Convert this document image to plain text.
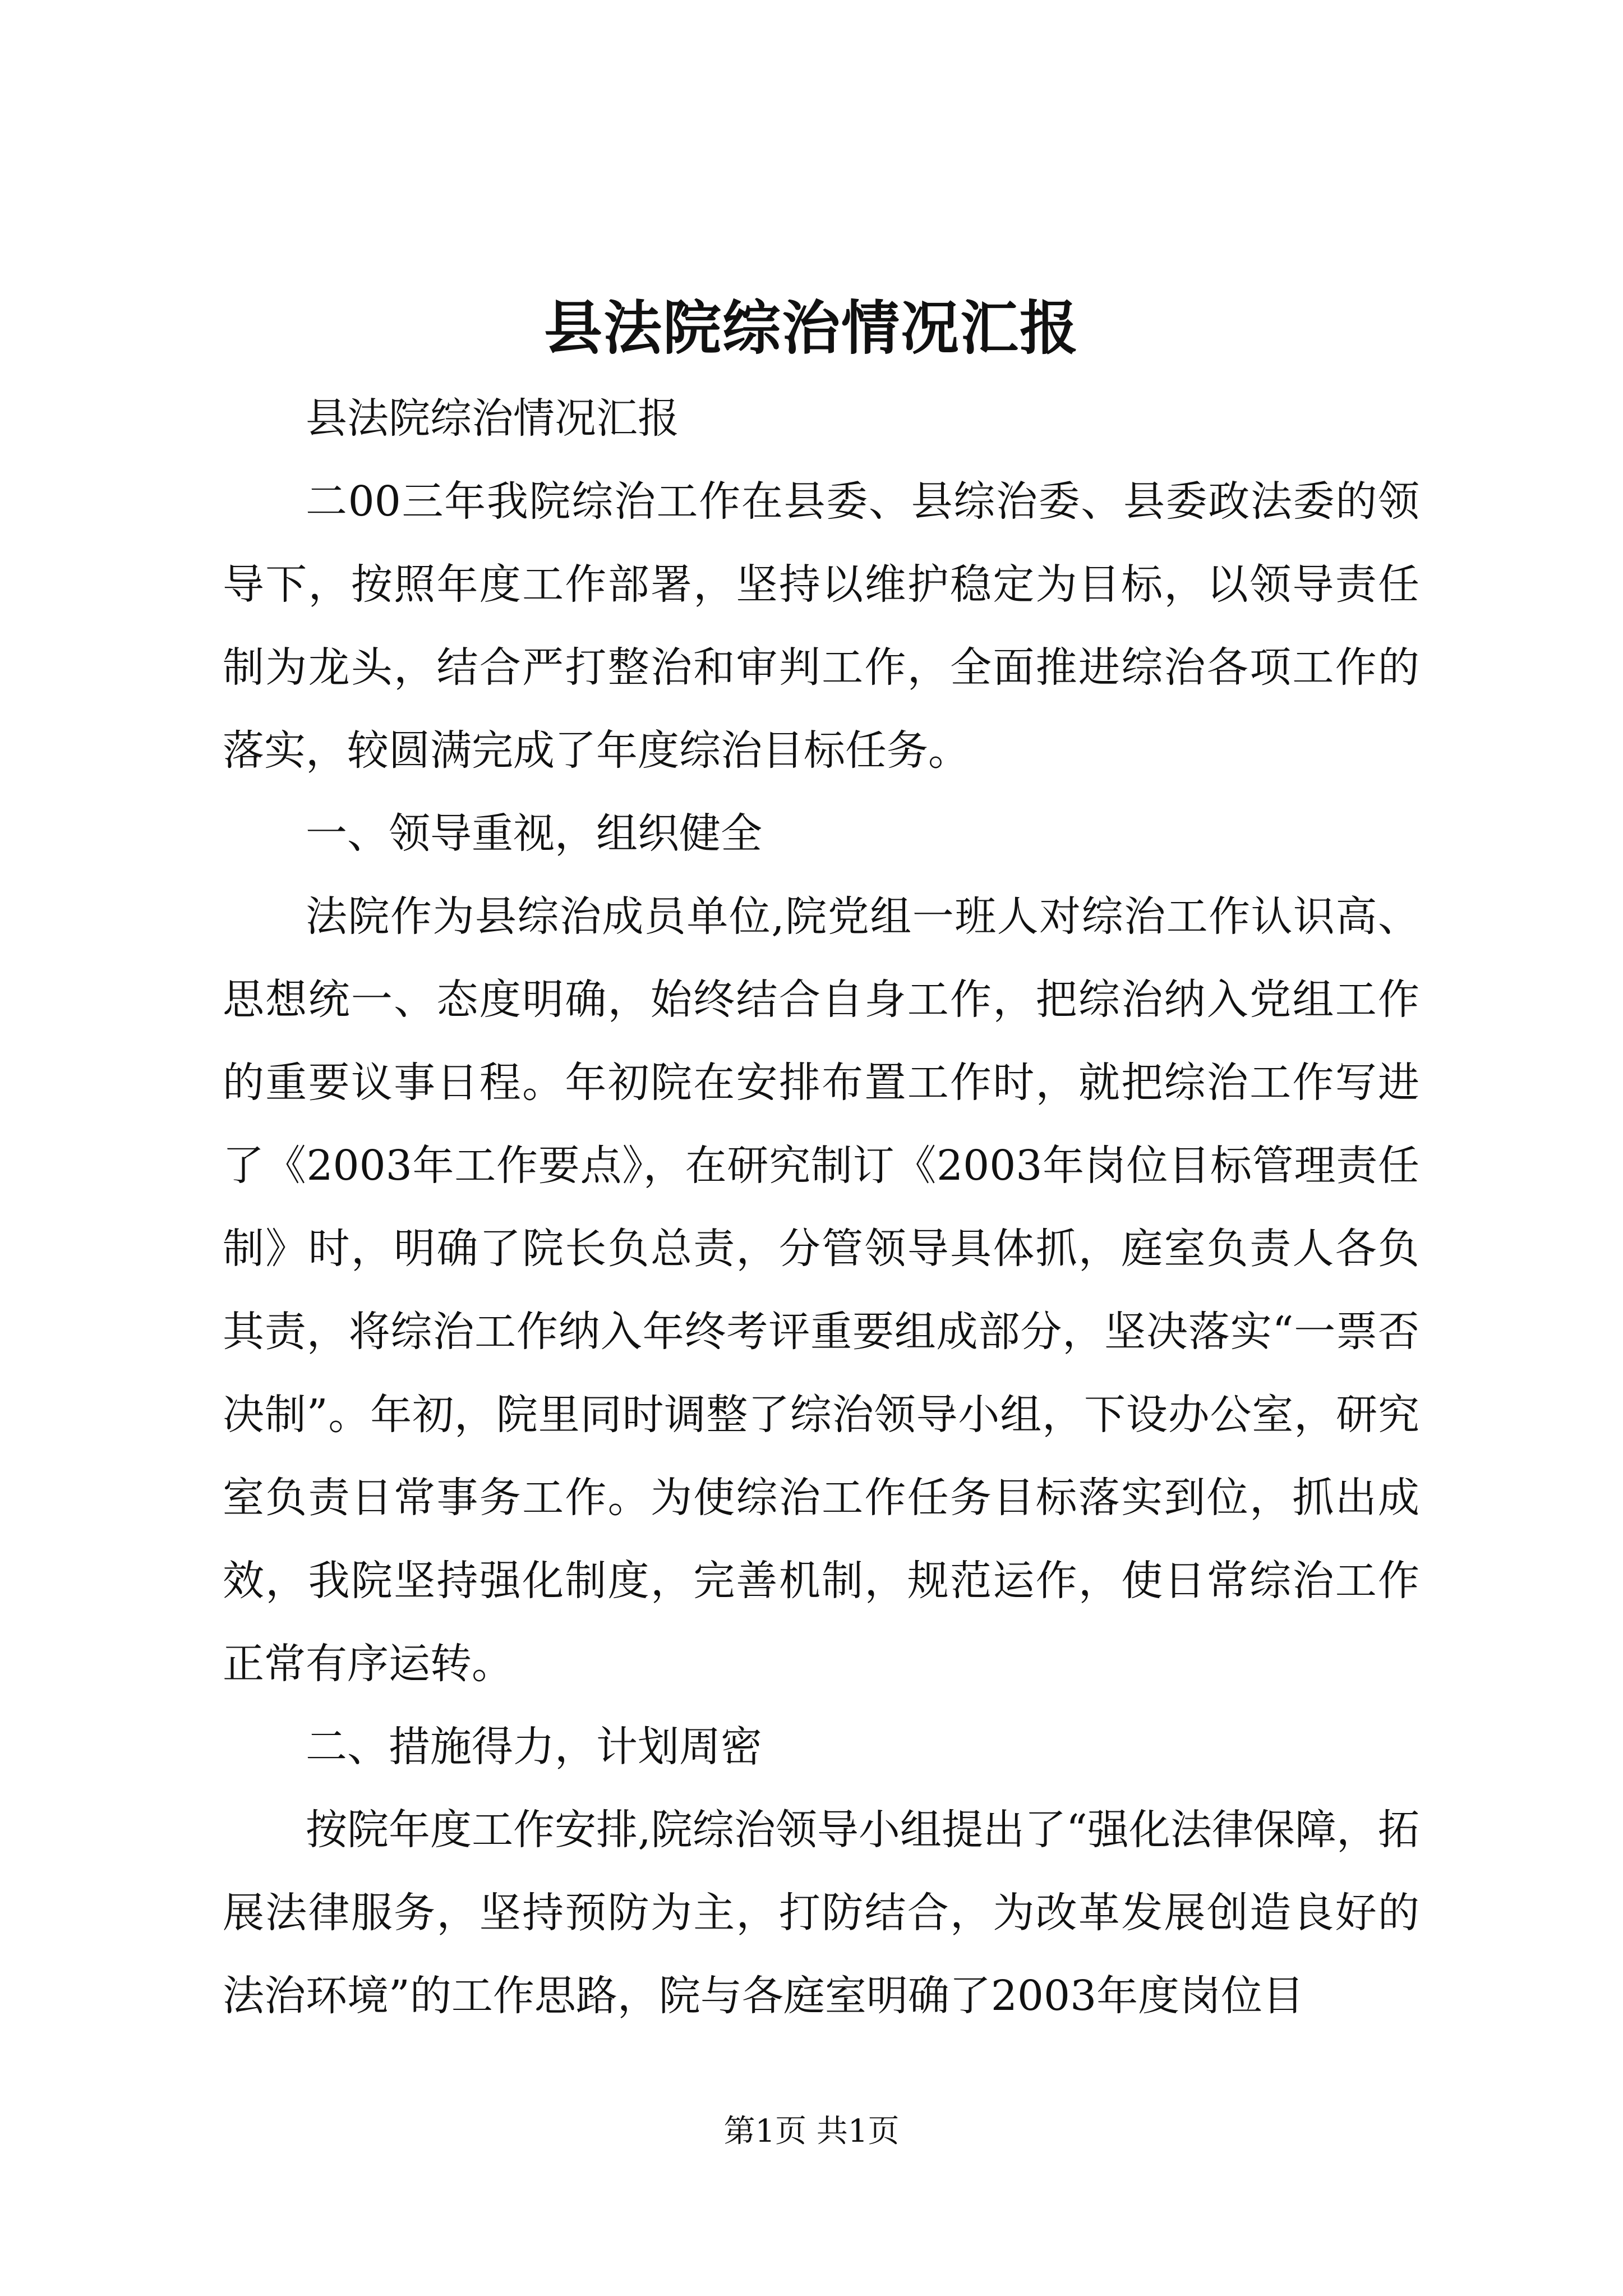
县法院综治情况汇报

县法院综治情况汇报

二00三年我院综治工作在县委、县综治委、县委政法委的领导下，按照年度工作部署，坚持以维护稳定为目标，以领导责任制为龙头，结合严打整治和审判工作，全面推进综治各项工作的落实，较圆满完成了年度综治目标任务。

一、领导重视，组织健全

法院作为县综治成员单位,院党组一班人对综治工作认识高、思想统一、态度明确，始终结合自身工作，把综治纳入党组工作的重要议事日程。年初院在安排布置工作时，就把综治工作写进了《2003年工作要点》，在研究制订《2003年岗位目标管理责任制》时，明确了院长负总责，分管领导具体抓，庭室负责人各负其责，将综治工作纳入年终考评重要组成部分，坚决落实“一票否决制”。年初，院里同时调整了综治领导小组，下设办公室，研究室负责日常事务工作。为使综治工作任务目标落实到位，抓出成效，我院坚持强化制度，完善机制，规范运作，使日常综治工作正常有序运转。

二、措施得力，计划周密

按院年度工作安排,院综治领导小组提出了“强化法律保障，拓展法律服务，坚持预防为主，打防结合，为改革发展创造良好的法治环境”的工作思路，院与各庭室明确了2003年度岗位目

第1页 共1页
